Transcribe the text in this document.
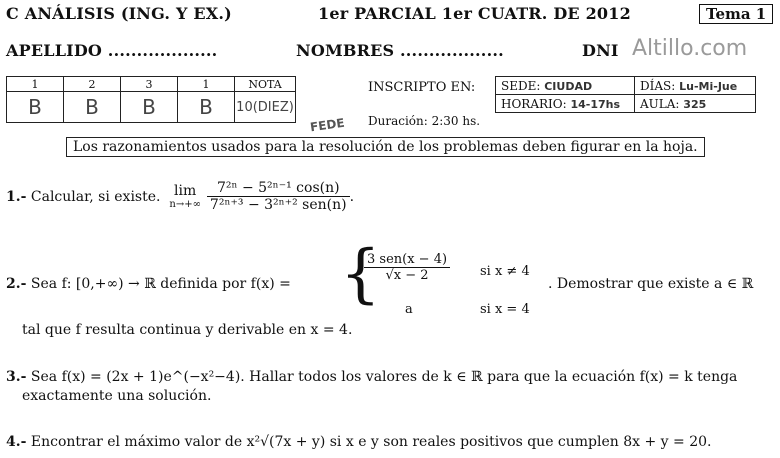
C ANÁLISIS (ING. Y EX.)	1er PARCIAL 1er CUATR. DE 2012	Tema 1
Altillo.com
APELLIDO ...................	NOMBRES ..................	DNI
1	2	3	1	NOTA
B	B	B	B	10(DIEZ)
FEDE
INSCRIPTO EN: SEDE: CIUDAD	DÍAS: Lu-Mi-Jue
HORARIO: 14-17hs	AULA: 325
Duración: 2:30 hs.
Los razonamientos usados para la resolución de los problemas deben figurar en la hoja.
1.-
Calcular, si existe.
lim
$n\to+\infty \frac{\text{7²ⁿ − 5²ⁿ⁻¹ cos(n)}}{\text{7²ⁿ⁺³ − 3²ⁿ⁺² sen(n)}}$ .
2.- Sea f: [0,+∞) → ℝ definida por f(x) = {
$\frac{\text{3 sen(x − 4)}}{√x - 2}$ si x ≠ 4
a	si x = 4
. Demostrar que existe a ∈ ℝ
tal que f resulta continua y derivable en x = 4.
3.- Sea f(x) = (2x + 1)e^(−x²−4). Hallar todos los valores de k ∈ ℝ para que la ecuación f(x) = k tenga
exactamente una solución.
4.- Encontrar el máximo valor de x²√(7x + y) si x e y son reales positivos que cumplen 8x + y = 20.
